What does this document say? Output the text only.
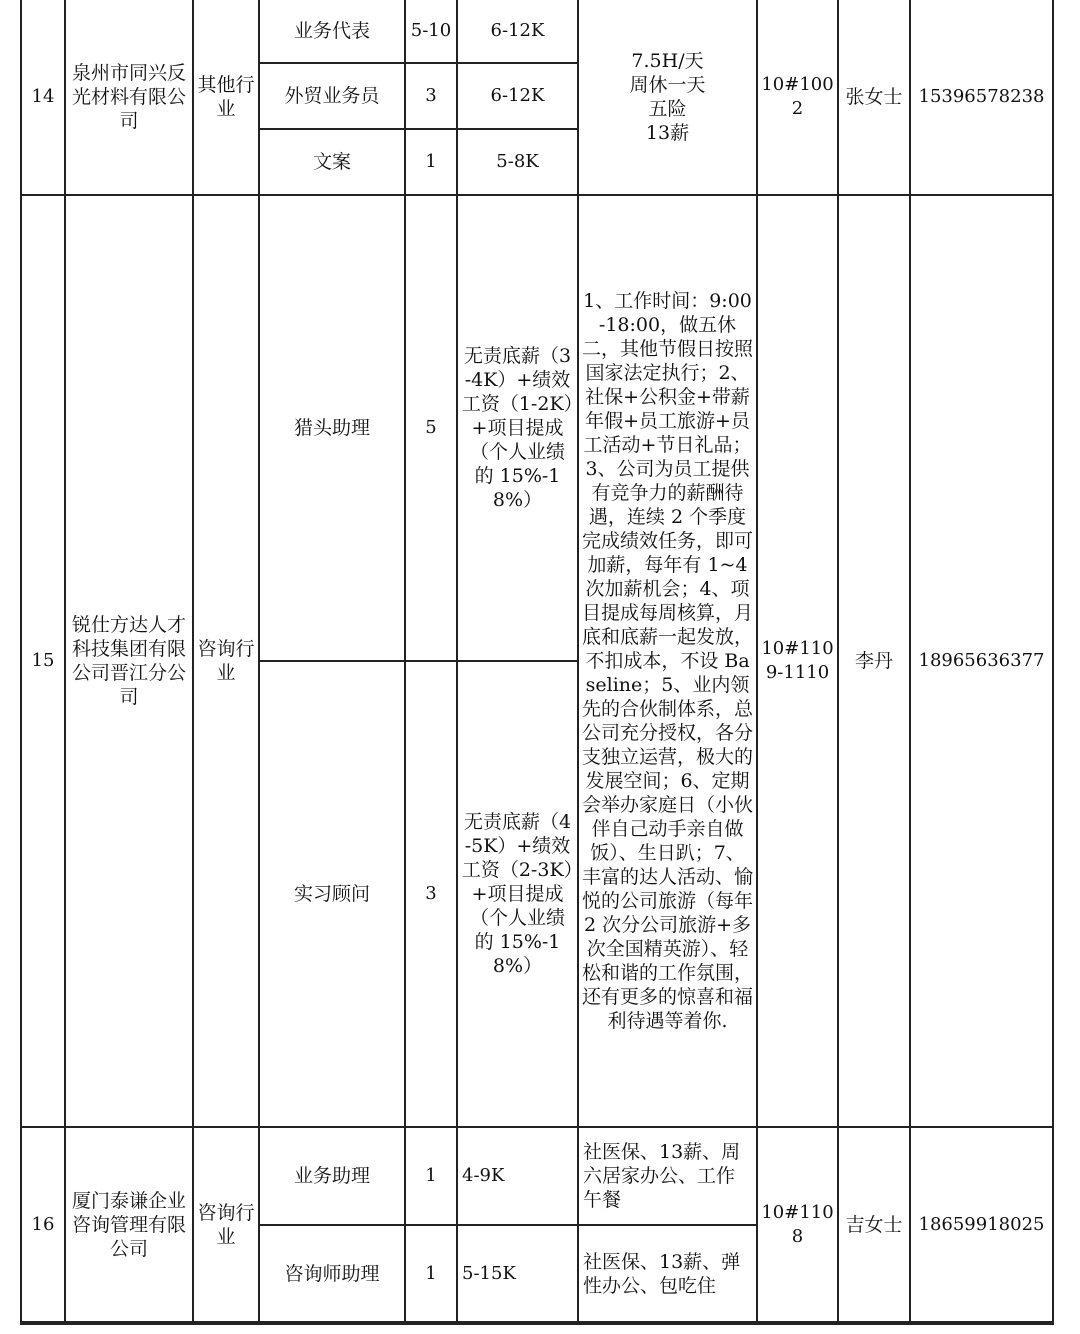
14	泉州市同兴反光材料有限公司	其他行业	业务代表	5-10	6-12K	7.5H/天
周休一天
五险
13薪	10#1002	张女士	15396578238
			外贸业务员	3	6-12K				
			文案	1	5-8K				
15	锐仕方达人才科技集团有限公司晋江分公司	咨询行业	猎头助理	5	无责底薪（3-4K）+绩效工资（1-2K）+项目提成（个人业绩的 15%-18%）	1、工作时间：9:00-18:00，做五休二，其他节假日按照国家法定执行；2、社保+公积金+带薪年假+员工旅游+员工活动+节日礼品；3、公司为员工提供有竞争力的薪酬待遇，连续 2 个季度完成绩效任务，即可加薪，每年有 1~4 次加薪机会；4、项目提成每周核算，月底和底薪一起发放，不扣成本，不设 Baseline；5、业内领先的合伙制体系，总公司充分授权，各分支独立运营，极大的发展空间；6、定期会举办家庭日（小伙伴自己动手亲自做饭）、生日趴；7、丰富的达人活动、愉悦的公司旅游（每年 2 次分公司旅游+多次全国精英游）、轻松和谐的工作氛围，还有更多的惊喜和福利待遇等着你.	10#1109-1110	李丹	18965636377
			实习顾问	3	无责底薪（4-5K）+绩效工资（2-3K）+项目提成（个人业绩的 15%-18%）				
16	厦门泰谦企业咨询管理有限公司	咨询行业	业务助理	1	4-9K	社医保、13薪、周六居家办公、工作午餐	10#1108	吉女士	18659918025
			咨询师助理	1	5-15K	社医保、13薪、弹性办公、包吃住			
